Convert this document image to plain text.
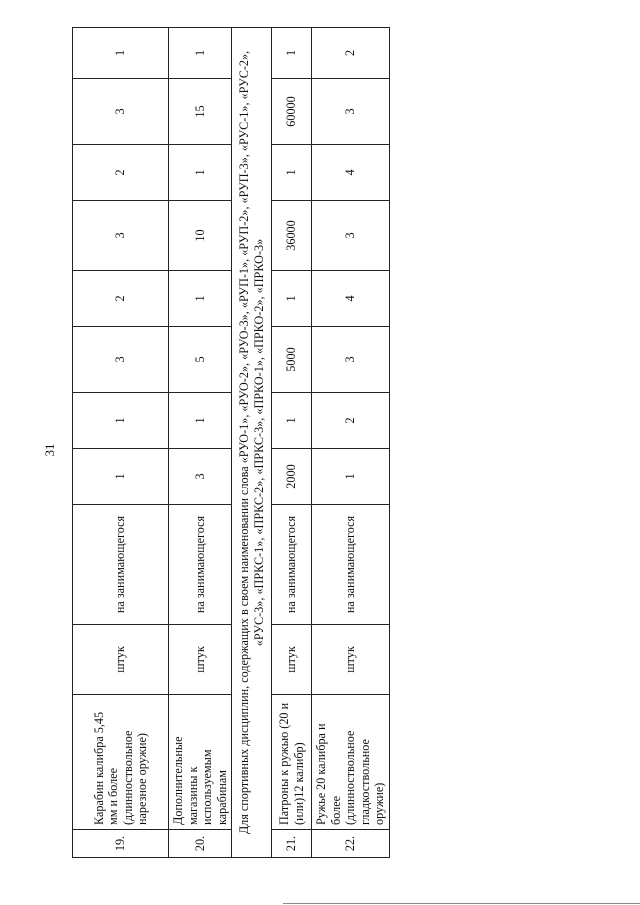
31
19.	Карабин калибра 5,45 мм и более (длинноствольное нарезное оружие)	штук	на занимающегося	1	1	3	2	3	2	3	1
20.	Дополнительные магазины к используемым карабинам	штук	на занимающегося	3	1	5	1	10	1	15	1
Для спортивных дисциплин, содержащих в своем наименовании слова «РУО-1», «РУО-2», «РУО-3», «РУП-1», «РУП-2», «РУП-3», «РУС-1», «РУС-2», «РУС-3», «ПРКС-1», «ПРКС-2», «ПРКС-3», «ПРКО-1», «ПРКО-2», «ПРКО-3»											
21.	Патроны к ружью (20 и (или)12 калибр)	штук	на занимающегося	2000	1	5000	1	36000	1	60000	1
22.	Ружье 20 калибра и более (длинноствольное гладкоствольное оружие)	штук	на занимающегося	1	2	3	4	3	4	3	2
